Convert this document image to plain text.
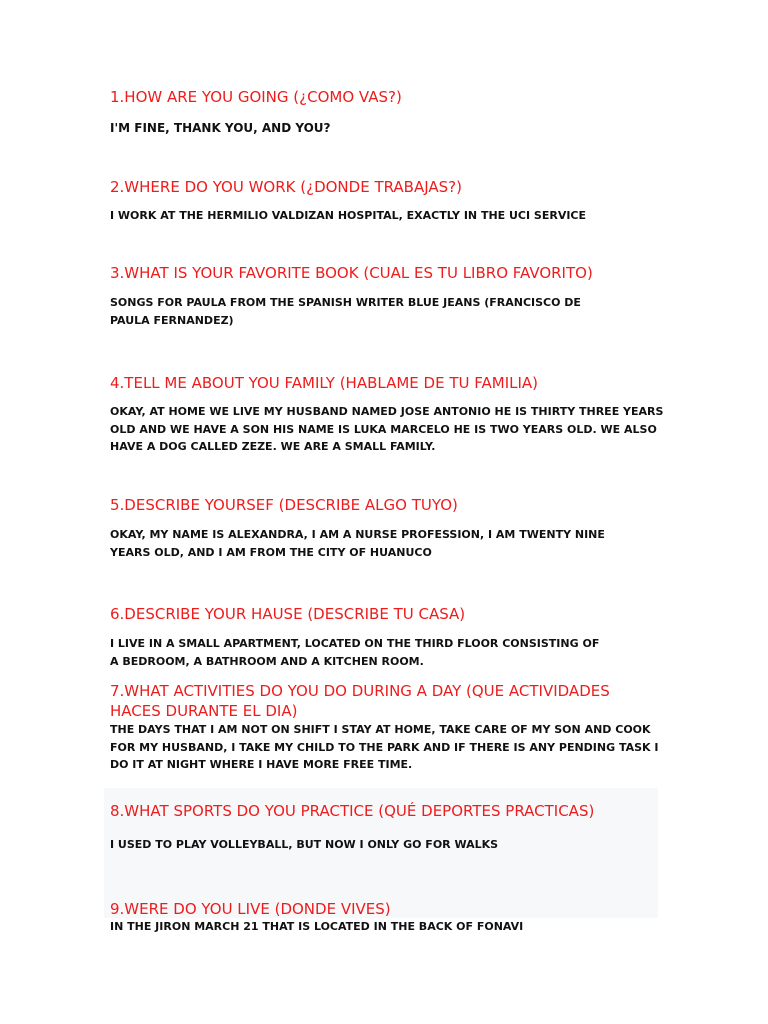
1.HOW ARE YOU GOING (¿COMO VAS?)

I'M FINE, THANK YOU, AND YOU?

2.WHERE DO YOU WORK (¿DONDE TRABAJAS?)

I WORK AT THE HERMILIO VALDIZAN HOSPITAL, EXACTLY IN THE UCI SERVICE

3.WHAT IS YOUR FAVORITE BOOK (CUAL ES TU LIBRO FAVORITO)

SONGS FOR PAULA FROM THE SPANISH WRITER BLUE JEANS (FRANCISCO DE PAULA FERNANDEZ)

4.TELL ME ABOUT YOU FAMILY (HABLAME DE TU FAMILIA)

OKAY, AT HOME WE LIVE MY HUSBAND NAMED JOSE ANTONIO HE IS THIRTY THREE YEARS OLD AND WE HAVE A SON HIS NAME IS LUKA MARCELO HE IS TWO YEARS OLD. WE ALSO HAVE A DOG CALLED ZEZE. WE ARE A SMALL FAMILY.

5.DESCRIBE YOURSEF (DESCRIBE ALGO TUYO)

OKAY, MY NAME IS ALEXANDRA, I AM A NURSE PROFESSION, I AM TWENTY NINE YEARS OLD, AND I AM FROM THE CITY OF HUANUCO

6.DESCRIBE YOUR HAUSE (DESCRIBE TU CASA)

I LIVE IN A SMALL APARTMENT, LOCATED ON THE THIRD FLOOR CONSISTING OF A BEDROOM, A BATHROOM AND A KITCHEN ROOM.

7.WHAT ACTIVITIES DO YOU DO DURING A DAY (QUE ACTIVIDADES HACES DURANTE EL DIA)

THE DAYS THAT I AM NOT ON SHIFT I STAY AT HOME, TAKE CARE OF MY SON AND COOK FOR MY HUSBAND, I TAKE MY CHILD TO THE PARK AND IF THERE IS ANY PENDING TASK I DO IT AT NIGHT WHERE I HAVE MORE FREE TIME.

8.WHAT SPORTS DO YOU PRACTICE (QUÉ DEPORTES PRACTICAS)

I USED TO PLAY VOLLEYBALL, BUT NOW I ONLY GO FOR WALKS

9.WERE DO YOU LIVE (DONDE VIVES)

IN THE JIRON MARCH 21 THAT IS LOCATED IN THE BACK OF FONAVI
